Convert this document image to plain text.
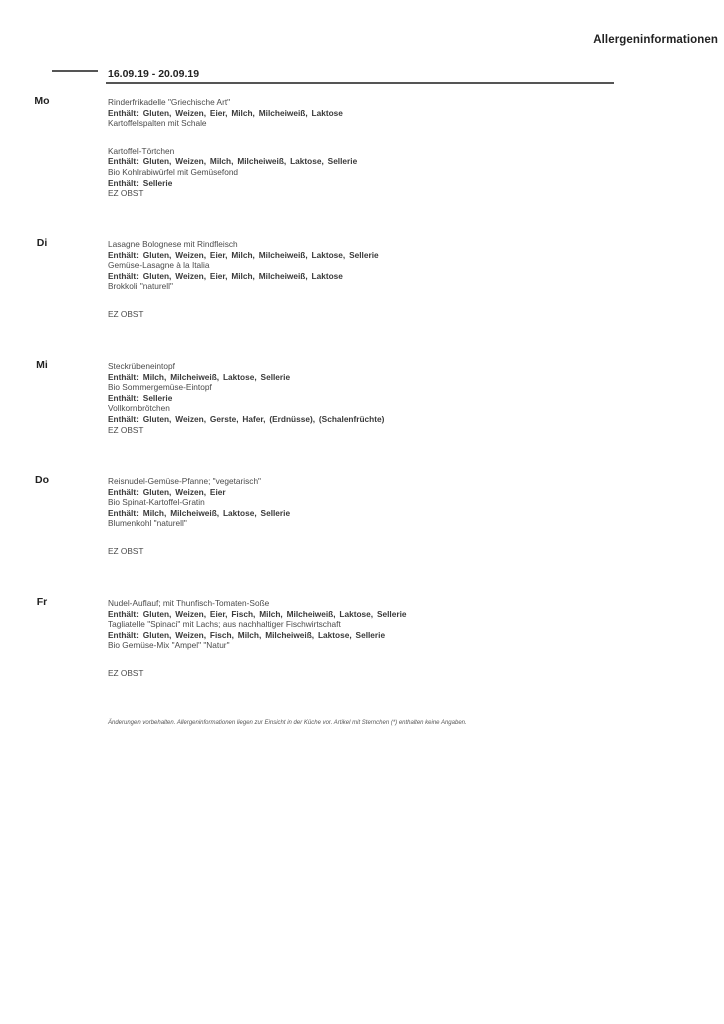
Allergeninformationen
16.09.19 - 20.09.19
Mo	Rinderfrikadelle "Griechische Art"
Enthält: Gluten, Weizen, Eier, Milch, Milcheiweiß, Laktose
Kartoffelspalten mit Schale
Kartoffel-Törtchen
Enthält: Gluten, Weizen, Milch, Milcheiweiß, Laktose, Sellerie
Bio Kohlrabiwürfel mit Gemüsefond
Enthält: Sellerie
EZ OBST
Di	Lasagne Bolognese mit Rindfleisch
Enthält: Gluten, Weizen, Eier, Milch, Milcheiweiß, Laktose, Sellerie
Gemüse-Lasagne à la Italia
Enthält: Gluten, Weizen, Eier, Milch, Milcheiweiß, Laktose
Brokkoli "naturell"
EZ OBST
Mi	Steckrübeneintopf
Enthält: Milch, Milcheiweiß, Laktose, Sellerie
Bio Sommergemüse-Eintopf
Enthält: Sellerie
Vollkornbrötchen
Enthält: Gluten, Weizen, Gerste, Hafer, (Erdnüsse), (Schalenfrüchte)
EZ OBST
Do	Reisnudel-Gemüse-Pfanne; "vegetarisch"
Enthält: Gluten, Weizen, Eier
Bio Spinat-Kartoffel-Gratin
Enthält: Milch, Milcheiweiß, Laktose, Sellerie
Blumenkohl "naturell"
EZ OBST
Fr	Nudel-Auflauf; mit Thunfisch-Tomaten-Soße
Enthält: Gluten, Weizen, Eier, Fisch, Milch, Milcheiweiß, Laktose, Sellerie
Tagliatelle "Spinaci" mit Lachs; aus nachhaltiger Fischwirtschaft
Enthält: Gluten, Weizen, Fisch, Milch, Milcheiweiß, Laktose, Sellerie
Bio Gemüse-Mix "Ampel" "Natur"
EZ OBST
Änderungen vorbehalten. Allergeninformationen liegen zur Einsicht in der Küche vor. Artikel mit Sternchen (*) enthalten keine Angaben.
